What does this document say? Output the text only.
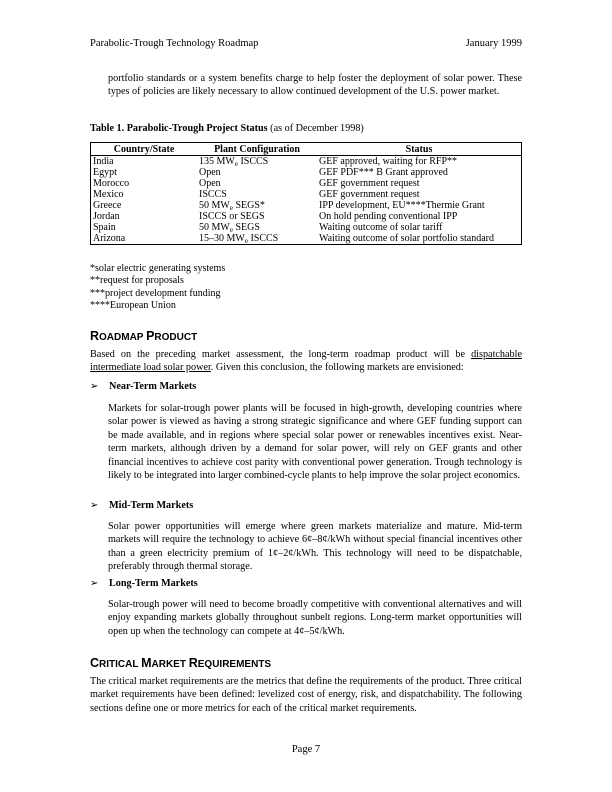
Parabolic-Trough Technology Roadmap	January 1999

portfolio standards or a system benefits charge to help foster the deployment of solar power. These types of policies are likely necessary to allow continued development of the U.S. power market.

Table 1. Parabolic-Trough Project Status (as of December 1998)
Country/State	Plant Configuration	Status
India	135 $MW_e$ ISCCS	GEF approved, waiting for RFP**
Egypt	Open	GEF PDF*** B Grant approved
Morocco	Open	GEF government request
Mexico	ISCCS	GEF government request
Greece	50 $MW_e$ SEGS*	IPP development, EU****Thermie Grant
Jordan	ISCCS or SEGS	On hold pending conventional IPP
Spain	50 $MW_e$ SEGS	Waiting outcome of solar tariff
Arizona	15–30 $MW_e$ ISCCS	Waiting outcome of solar portfolio standard
*solar electric generating systems
**request for proposals
***project development funding
****European Union
ROADMAP PRODUCT

Based on the preceding market assessment, the long-term roadmap product will be dispatchable intermediate load solar power. Given this conclusion, the following markets are envisioned:

➢ Near-Term Markets

Markets for solar-trough power plants will be focused in high-growth, developing countries where solar power is viewed as having a strong strategic significance and where GEF funding support can be made available, and in regions where special solar power or renewables incentives exist. Near-term markets, although driven by a demand for solar power, will rely on GEF grants and other financial incentives to achieve cost parity with conventional power generation. Trough technology is likely to be integrated into larger combined-cycle plants to help improve the solar project economics.

➢ Mid-Term Markets

Solar power opportunities will emerge where green markets materialize and mature. Mid-term markets will require the technology to achieve 6¢–8¢/kWh without special financial incentives other than a green electricity premium of 1¢–2¢/kWh. This technology will need to be dispatchable, preferably through thermal storage.

➢ Long-Term Markets

Solar-trough power will need to become broadly competitive with conventional alternatives and will enjoy expanding markets globally throughout sunbelt regions. Long-term market opportunities will open up when the technology can compete at 4¢–5¢/kWh.

CRITICAL MARKET REQUIREMENTS

The critical market requirements are the metrics that define the requirements of the product. Three critical market requirements have been defined: levelized cost of energy, risk, and dispatchability. The following sections define one or more metrics for each of the critical market requirements.

Page 7
